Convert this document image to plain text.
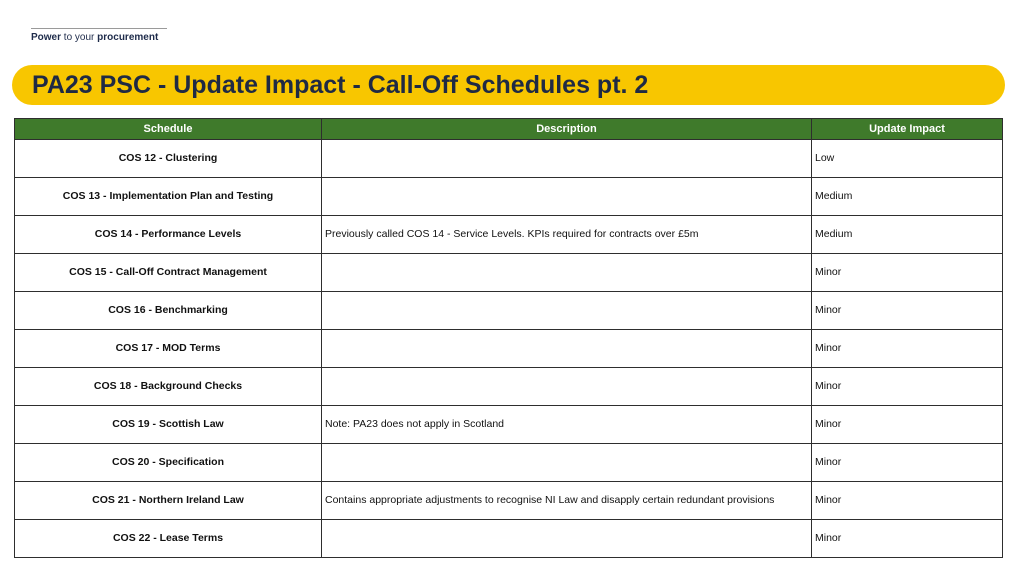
Power to your procurement
PA23 PSC - Update Impact - Call-Off Schedules pt. 2
Schedule	Description	Update Impact
COS 12 - Clustering		Low
COS 13 - Implementation Plan and Testing		Medium
COS 14 - Performance Levels	Previously called COS 14 - Service Levels. KPIs required for contracts over £5m	Medium
COS 15 - Call-Off Contract Management		Minor
COS 16 - Benchmarking		Minor
COS 17 - MOD Terms		Minor
COS 18 - Background Checks		Minor
COS 19 - Scottish Law	Note: PA23 does not apply in Scotland	Minor
COS 20 - Specification		Minor
COS 21 - Northern Ireland Law	Contains appropriate adjustments to recognise NI Law and disapply certain redundant provisions	Minor
COS 22 - Lease Terms		Minor
